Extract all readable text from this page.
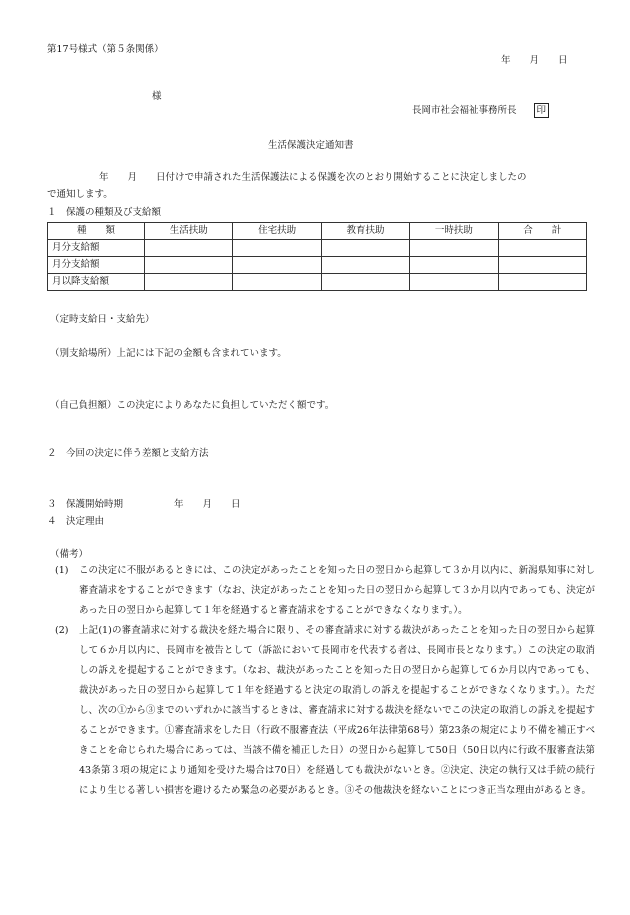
第17号様式（第５条関係）
年　　月　　日
様
長岡市社会福祉事務所長 印
生活保護決定通知書
年　　月　　日付けで申請された生活保護法による保護を次のとおり開始することに決定しましたの
で通知します。
１　保護の種類及び支給額
種　　類	生活扶助	住宅扶助	教育扶助	一時扶助	合　　計
月分支給額					
月分支給額					
月以降支給額					
（定時支給日・支給先）
（別支給場所）上記には下記の金額も含まれています。
（自己負担額）この決定によりあなたに負担していただく額です。
２　今回の決定に伴う差額と支給方法
３　保護開始時期	年　　月　　日
４　決定理由
（備考）
(1) この決定に不服があるときには、この決定があったことを知った日の翌日から起算して３か月以内に、新潟県知事に対し審査請求をすることができます（なお、決定があったことを知った日の翌日から起算して３か月以内であっても、決定があった日の翌日から起算して１年を経過すると審査請求をすることができなくなります。）。

(2) 上記(1)の審査請求に対する裁決を経た場合に限り、その審査請求に対する裁決があったことを知った日の翌日から起算して６か月以内に、長岡市を被告として（訴訟において長岡市を代表する者は、長岡市長となります。）この決定の取消しの訴えを提起することができます。（なお、裁決があったことを知った日の翌日から起算して６か月以内であっても、裁決があった日の翌日から起算して１年を経過すると決定の取消しの訴えを提起することができなくなります。）。ただし、次の①から③までのいずれかに該当するときは、審査請求に対する裁決を経ないでこの決定の取消しの訴えを提起することができます。①審査請求をした日（行政不服審査法（平成26年法律第68号）第23条の規定により不備を補正すべきことを命じられた場合にあっては、当該不備を補正した日）の翌日から起算して50日（50日以内に行政不服審査法第43条第３項の規定により通知を受けた場合は70日）を経過しても裁決がないとき。②決定、決定の執行又は手続の続行により生じる著しい損害を避けるため緊急の必要があるとき。③その他裁決を経ないことにつき正当な理由があるとき。
